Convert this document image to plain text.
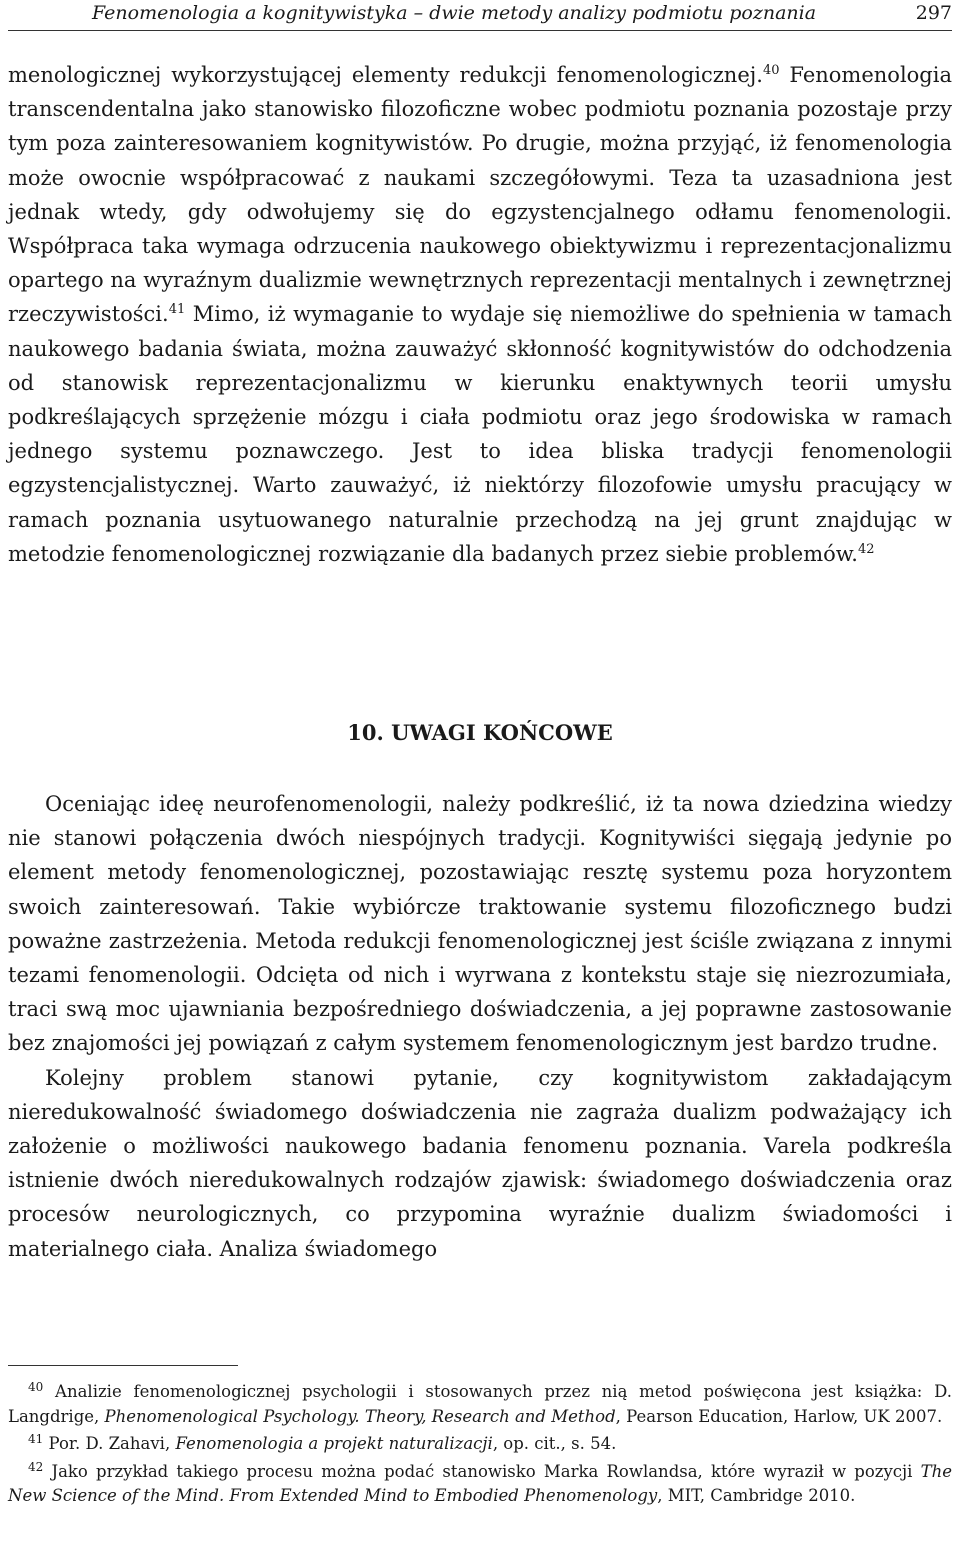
Fenomenologia a kognitywistyka – dwie metody analizy podmiotu poznania	297

menologicznej wykorzystującej elementy redukcji fenomenologicznej.$^{40}$ Fenomenologia transcendentalna jako stanowisko filozoficzne wobec podmiotu poznania pozostaje przy tym poza zainteresowaniem kognitywistów. Po drugie, można przyjąć, iż fenomenologia może owocnie współpracować z naukami szczegółowymi. Teza ta uzasadniona jest jednak wtedy, gdy odwołujemy się do egzystencjalnego odłamu fenomenologii. Współpraca taka wymaga odrzucenia naukowego obiektywizmu i reprezentacjonalizmu opartego na wyraźnym dualizmie wewnętrznych reprezentacji mentalnych i zewnętrznej rzeczywistości.$^{41}$ Mimo, iż wymaganie to wydaje się niemożliwe do spełnienia w tamach naukowego badania świata, można zauważyć skłonność kognitywistów do odchodzenia od stanowisk reprezentacjonalizmu w kierunku enaktywnych teorii umysłu podkreślających sprzężenie mózgu i ciała podmiotu oraz jego środowiska w ramach jednego systemu poznawczego. Jest to idea bliska tradycji fenomenologii egzystencjalistycznej. Warto zauważyć, iż niektórzy filozofowie umysłu pracujący w ramach poznania usytuowanego naturalnie przechodzą na jej grunt znajdując w metodzie fenomenologicznej rozwiązanie dla badanych przez siebie problemów.$^{42}$

10. UWAGI KOŃCOWE

Oceniając ideę neurofenomenologii, należy podkreślić, iż ta nowa dziedzina wiedzy nie stanowi połączenia dwóch niespójnych tradycji. Kognitywiści sięgają jedynie po element metody fenomenologicznej, pozostawiając resztę systemu poza horyzontem swoich zainteresowań. Takie wybiórcze traktowanie systemu filozoficznego budzi poważne zastrzeżenia. Metoda redukcji fenomenologicznej jest ściśle związana z innymi tezami fenomenologii. Odcięta od nich i wyrwana z kontekstu staje się niezrozumiała, traci swą moc ujawniania bezpośredniego doświadczenia, a jej poprawne zastosowanie bez znajomości jej powiązań z całym systemem fenomenologicznym jest bardzo trudne.

Kolejny problem stanowi pytanie, czy kognitywistom zakładającym nieredukowalność świadomego doświadczenia nie zagraża dualizm podważający ich założenie o możliwości naukowego badania fenomenu poznania. Varela podkreśla istnienie dwóch nieredukowalnych rodzajów zjawisk: świadomego doświadczenia oraz procesów neurologicznych, co przypomina wyraźnie dualizm świadomości i materialnego ciała. Analiza świadomego

$^{40}$ Analizie fenomenologicznej psychologii i stosowanych przez nią metod poświęcona jest książka: D. Langdrige, Phenomenological Psychology. Theory, Research and Method, Pearson Education, Harlow, UK 2007.

$^{41}$ Por. D. Zahavi, Fenomenologia a projekt naturalizacji, op. cit., s. 54.

$^{42}$ Jako przykład takiego procesu można podać stanowisko Marka Rowlandsa, które wyraził w pozycji The New Science of the Mind. From Extended Mind to Embodied Phenomenology, MIT, Cambridge 2010.
